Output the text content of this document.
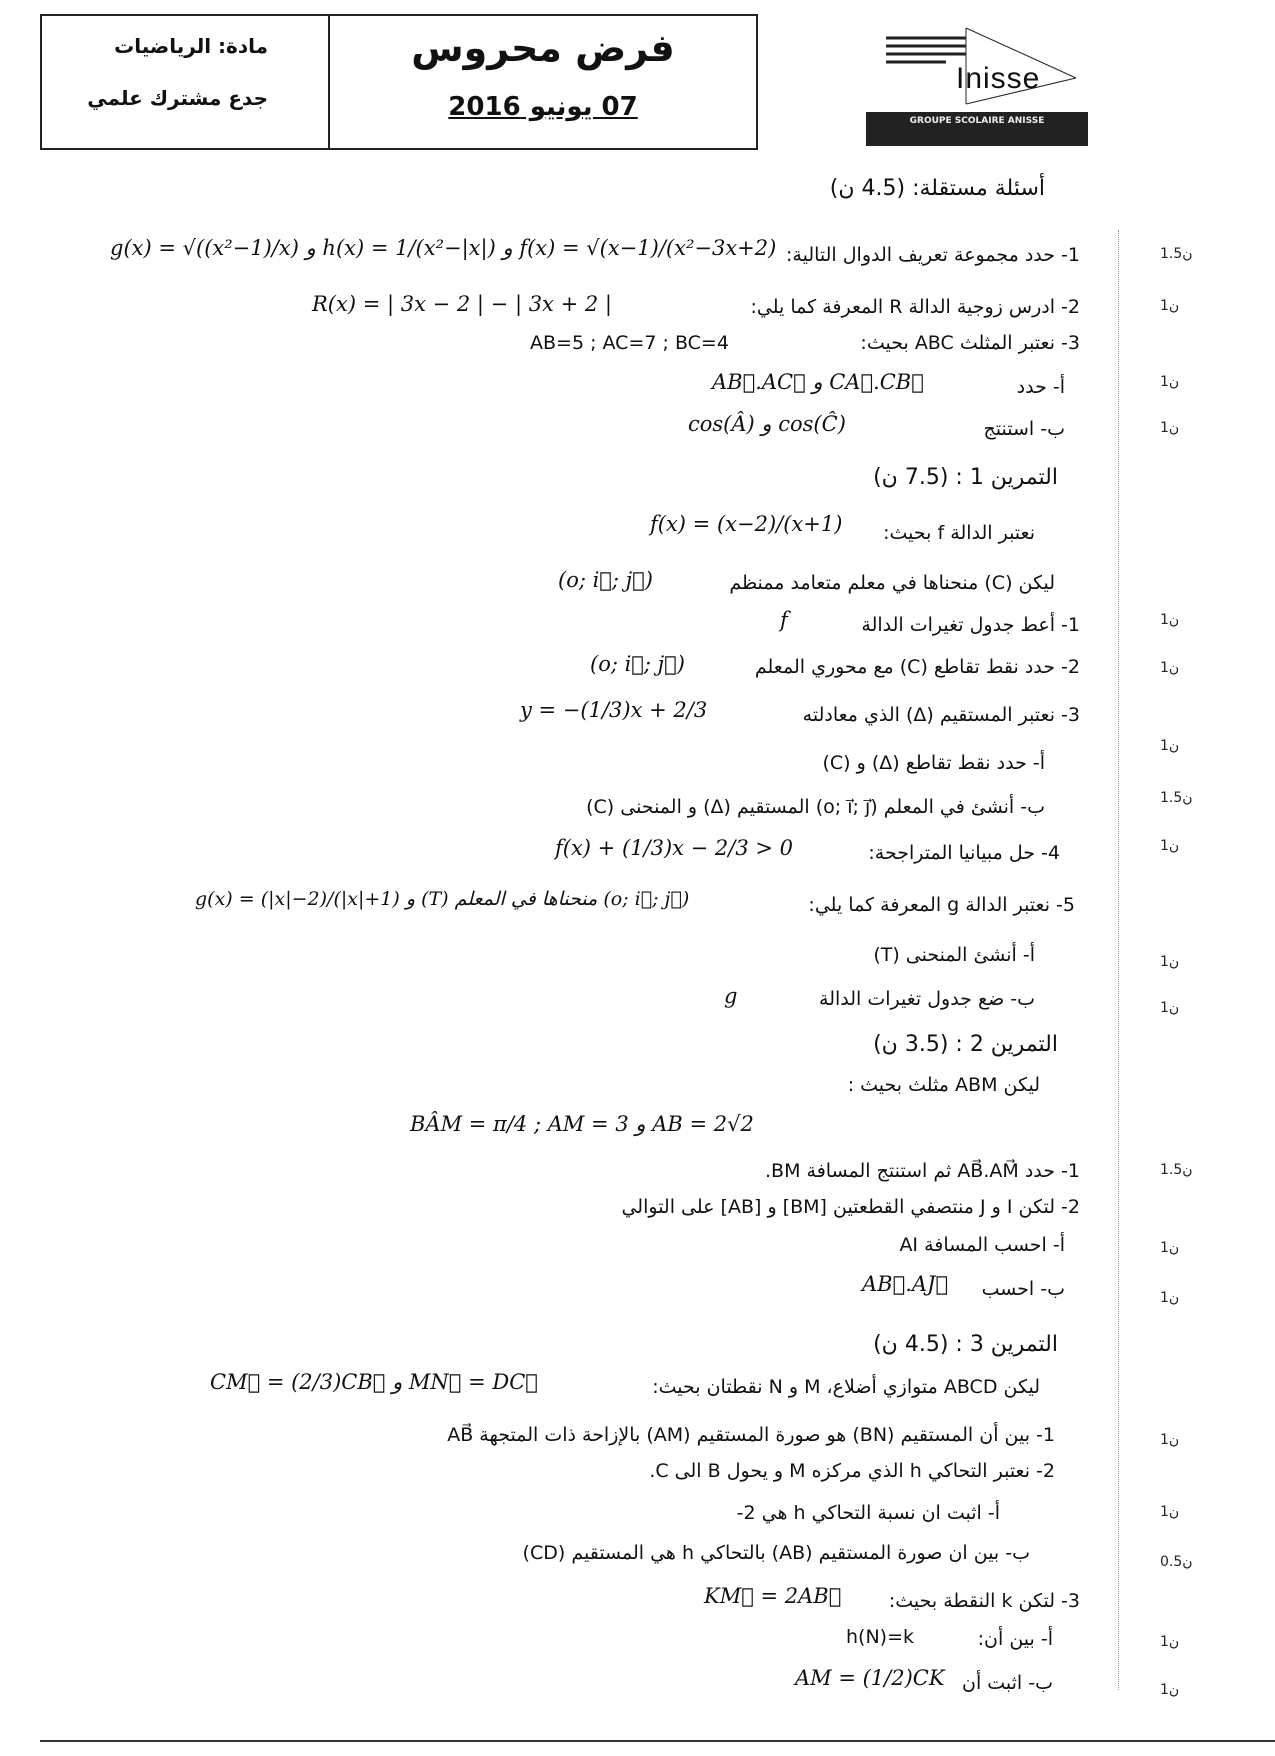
مادة: الرياضيات
جدع مشترك علمي
فرض محروس
07 يونيو 2016
Inisse
GROUPE SCOLAIRE ANISSE
أسئلة مستقلة: (4.5 ن)
1- حدد مجموعة تعريف الدوال التالية:
g(x) = √((x²−1)/x) و h(x) = 1/(x²−|x|) و f(x) = √(x−1)/(x²−3x+2)	1.5ن
2- ادرس زوجية الدالة R المعرفة كما يلي:
R(x) = | 3x − 2 | − | 3x + 2 |	1ن
3- نعتبر المثلث ABC بحيث:
AB=5 ; AC=7 ; BC=4
أ- حدد
AB⃗.AC⃗ و CA⃗.CB⃗	1ن
ب- استنتج
cos(Â) و cos(Ĉ)	1ن
التمرين 1 : (7.5 ن)
نعتبر الدالة f بحيث:
f(x) = (x−2)/(x+1)
ليكن (C) منحناها في معلم متعامد ممنظم
(o; i⃗; j⃗)
1- أعط جدول تغيرات الدالة
f	1ن
2- حدد نقط تقاطع (C) مع محوري المعلم
(o; i⃗; j⃗)	1ن
3- نعتبر المستقيم (Δ) الذي معادلته
y = −(1/3)x + 2/3
أ- حدد نقط تقاطع (Δ) و (C)
1ن
ب- أنشئ في المعلم (o; i⃗; j⃗) المستقيم (Δ) و المنحنى (C)	1.5ن
4- حل مبيانيا المتراجحة:
f(x) + (1/3)x − 2/3 > 0	1ن
5- نعتبر الدالة g المعرفة كما يلي:
g(x) = (|x|−2)/(|x|+1) و (T) منحناها في المعلم (o; i⃗; j⃗)
أ- أنشئ المنحنى (T)	1ن
ب- ضع جدول تغيرات الدالة
g	1ن
التمرين 2 : (3.5 ن)
ليكن ABM مثلث بحيث :
BÂM = π/4 ; AM = 3 و AB = 2√2
1- حدد AB⃗.AM⃗ ثم استنتج المسافة BM.	1.5ن
2- لتكن I و J منتصفي القطعتين [BM] و [AB] على التوالي
أ- احسب المسافة AI	1ن
ب- احسب
AB⃗.AJ⃗
1ن
التمرين 3 : (4.5 ن)
ليكن ABCD متوازي أضلاع، M و N نقطتان بحيث:
CM⃗ = (2/3)CB⃗ و MN⃗ = DC⃗
1- بين أن المستقيم (BN) هو صورة المستقيم (AM) بالإزاحة ذات المتجهة AB⃗	1ن
2- نعتبر التحاكي h الذي مركزه M و يحول B الى C.
أ- اثبت ان نسبة التحاكي h هي 2-	1ن
ب- بين ان صورة المستقيم (AB) بالتحاكي h هي المستقيم (CD)	0.5ن
3- لتكن k النقطة بحيث:
KM⃗ = 2AB⃗
أ- بين أن:
h(N)=k	1ن
ب- اثبت أن
AM = (1/2)CK	1ن
